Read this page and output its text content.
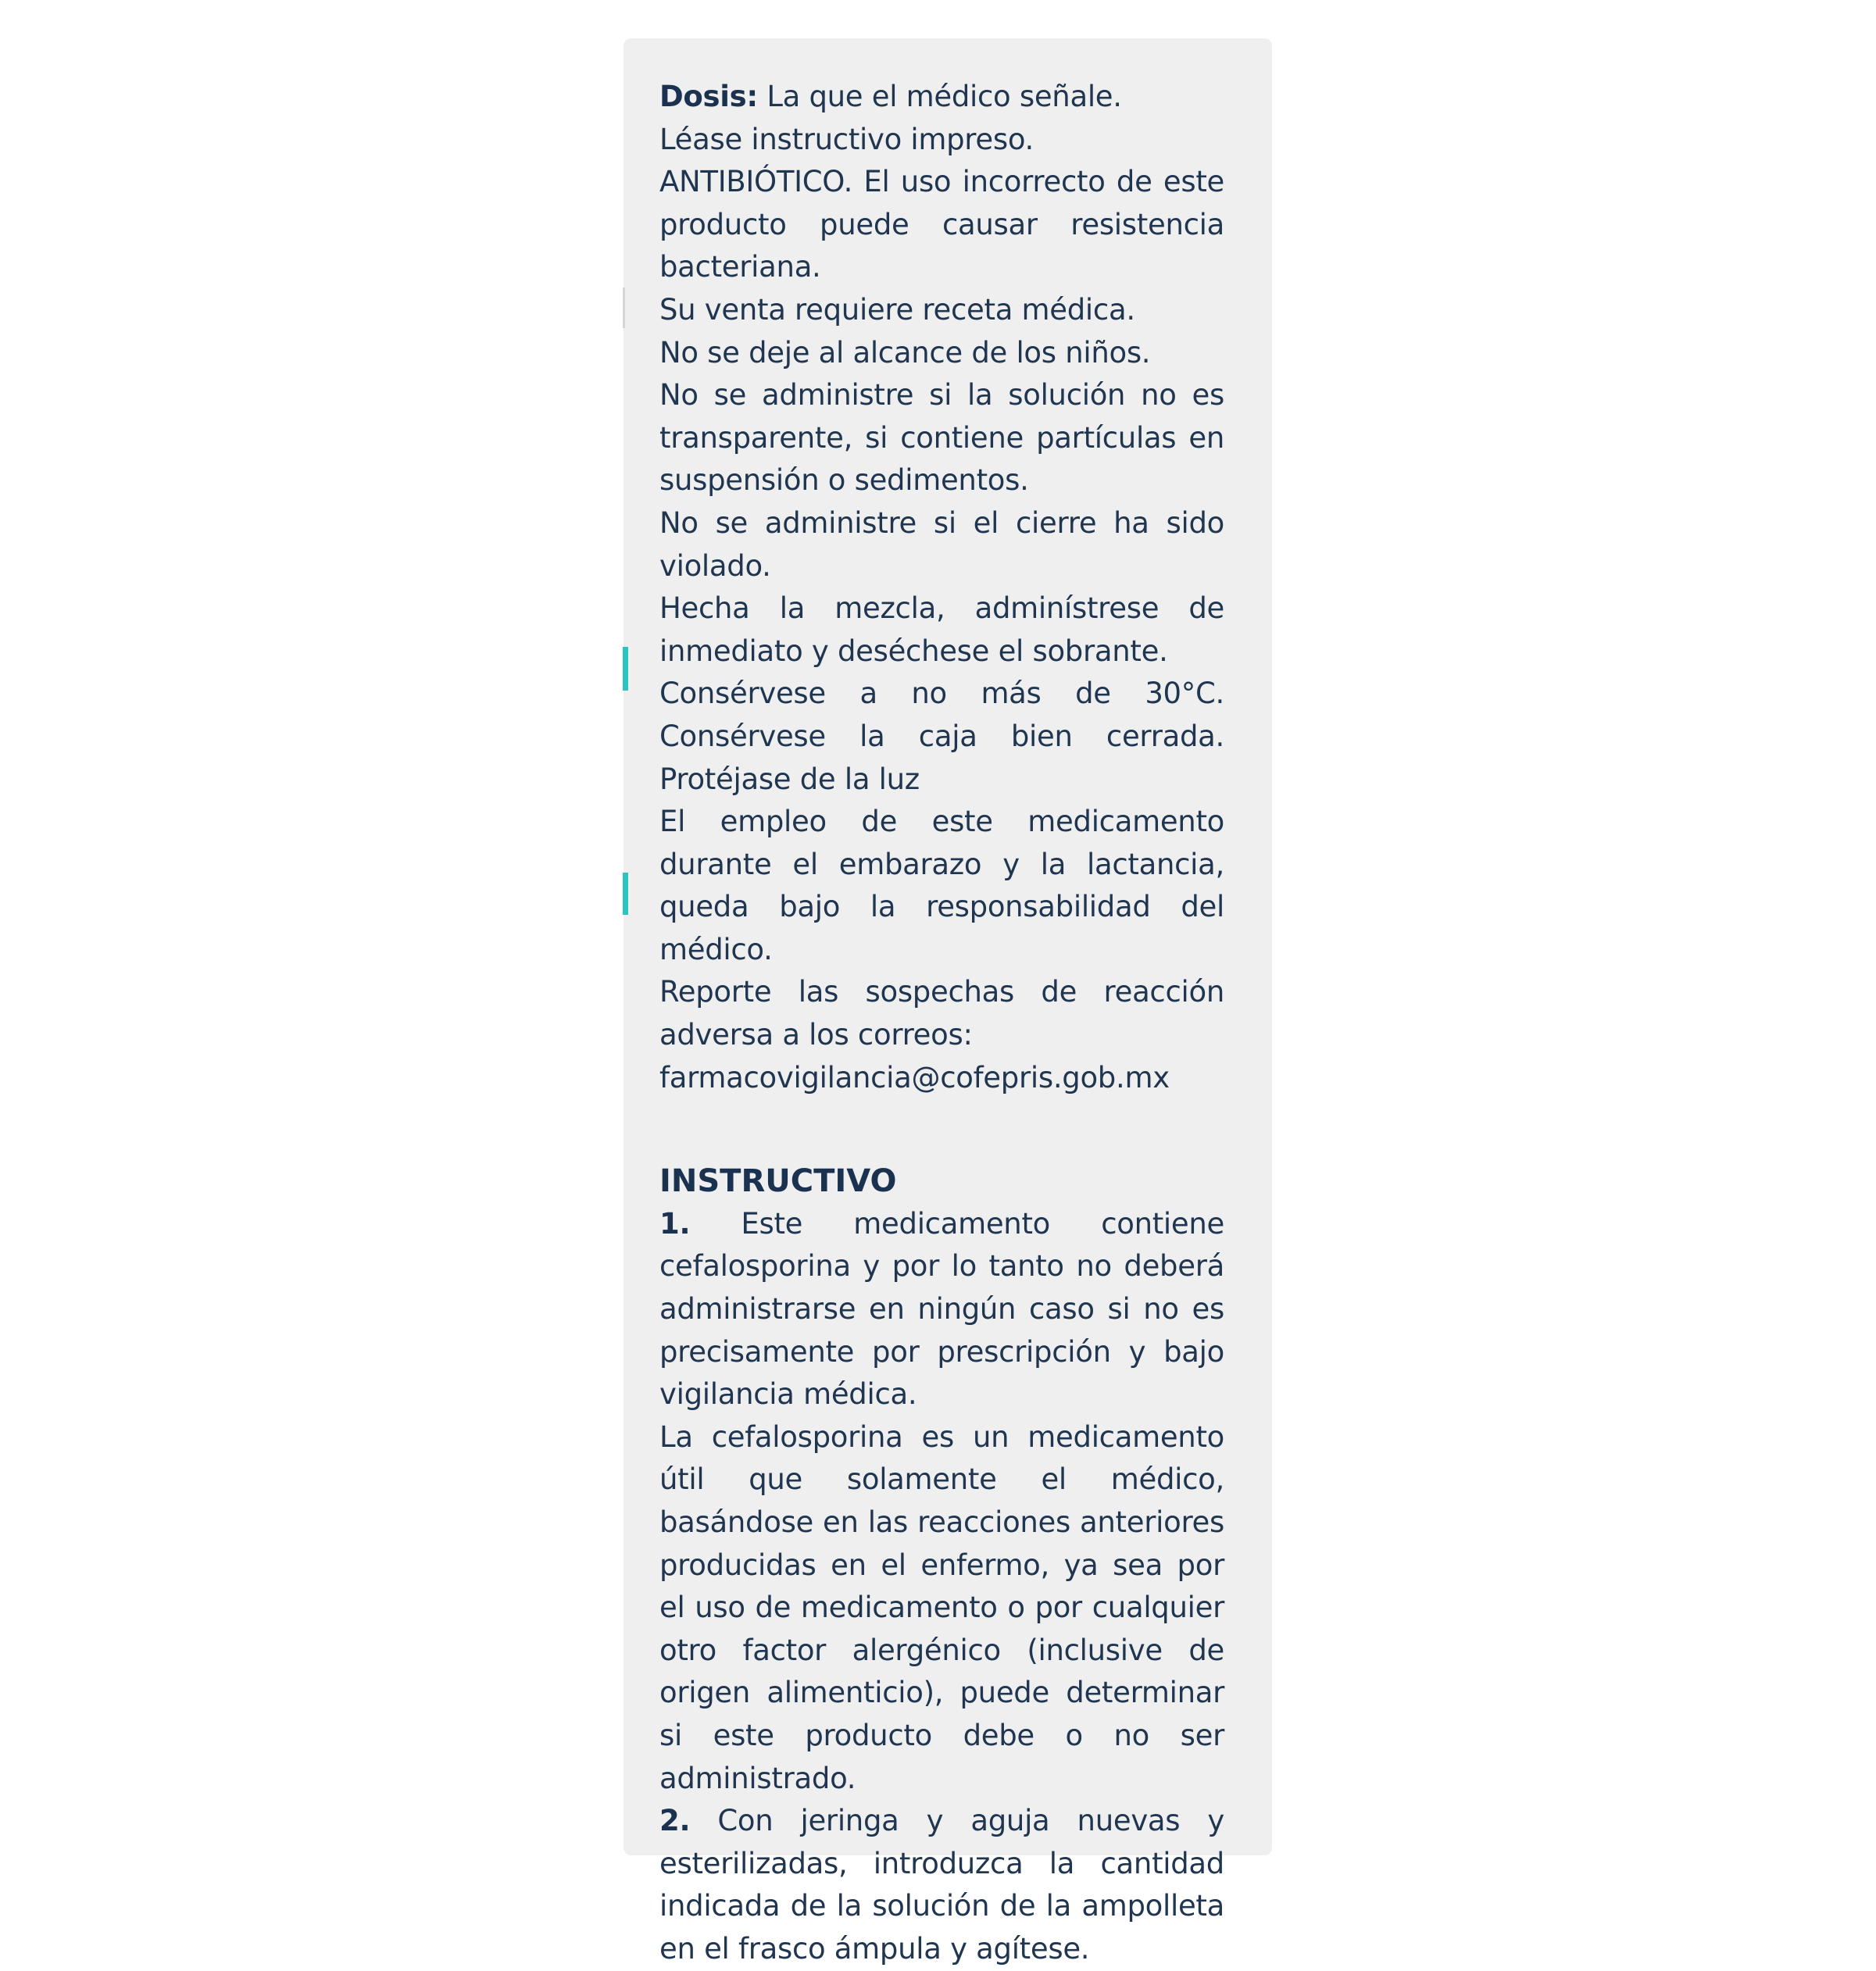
Dosis: La que el médico señale.

Léase instructivo impreso.

ANTIBIÓTICO. El uso incorrecto de este producto puede causar resistencia bacteriana.

Su venta requiere receta médica.

No se deje al alcance de los niños.

No se administre si la solución no es transparente, si contiene partículas en suspensión o sedimentos.

No se administre si el cierre ha sido violado.

Hecha la mezcla, adminístrese de inmediato y deséchese el sobrante.

Consérvese a no más de 30°C. Consérvese la caja bien cerrada. Protéjase de la luz

El empleo de este medicamento durante el embarazo y la lactancia, queda bajo la responsabilidad del médico.

Reporte las sospechas de reacción adversa a los correos:

farmacovigilancia@cofepris.gob.mx

INSTRUCTIVO

1. Este medicamento contiene cefalosporina y por lo tanto no deberá administrarse en ningún caso si no es precisamente por prescripción y bajo vigilancia médica.

La cefalosporina es un medicamento útil que solamente el médico, basándose en las reacciones anteriores producidas en el enfermo, ya sea por el uso de medicamento o por cualquier otro factor alergénico (inclusive de origen alimenticio), puede determinar si este producto debe o no ser administrado.

2. Con jeringa y aguja nuevas y esterilizadas, introduzca la cantidad indicada de la solución de la ampolleta en el frasco ámpula y agítese.
